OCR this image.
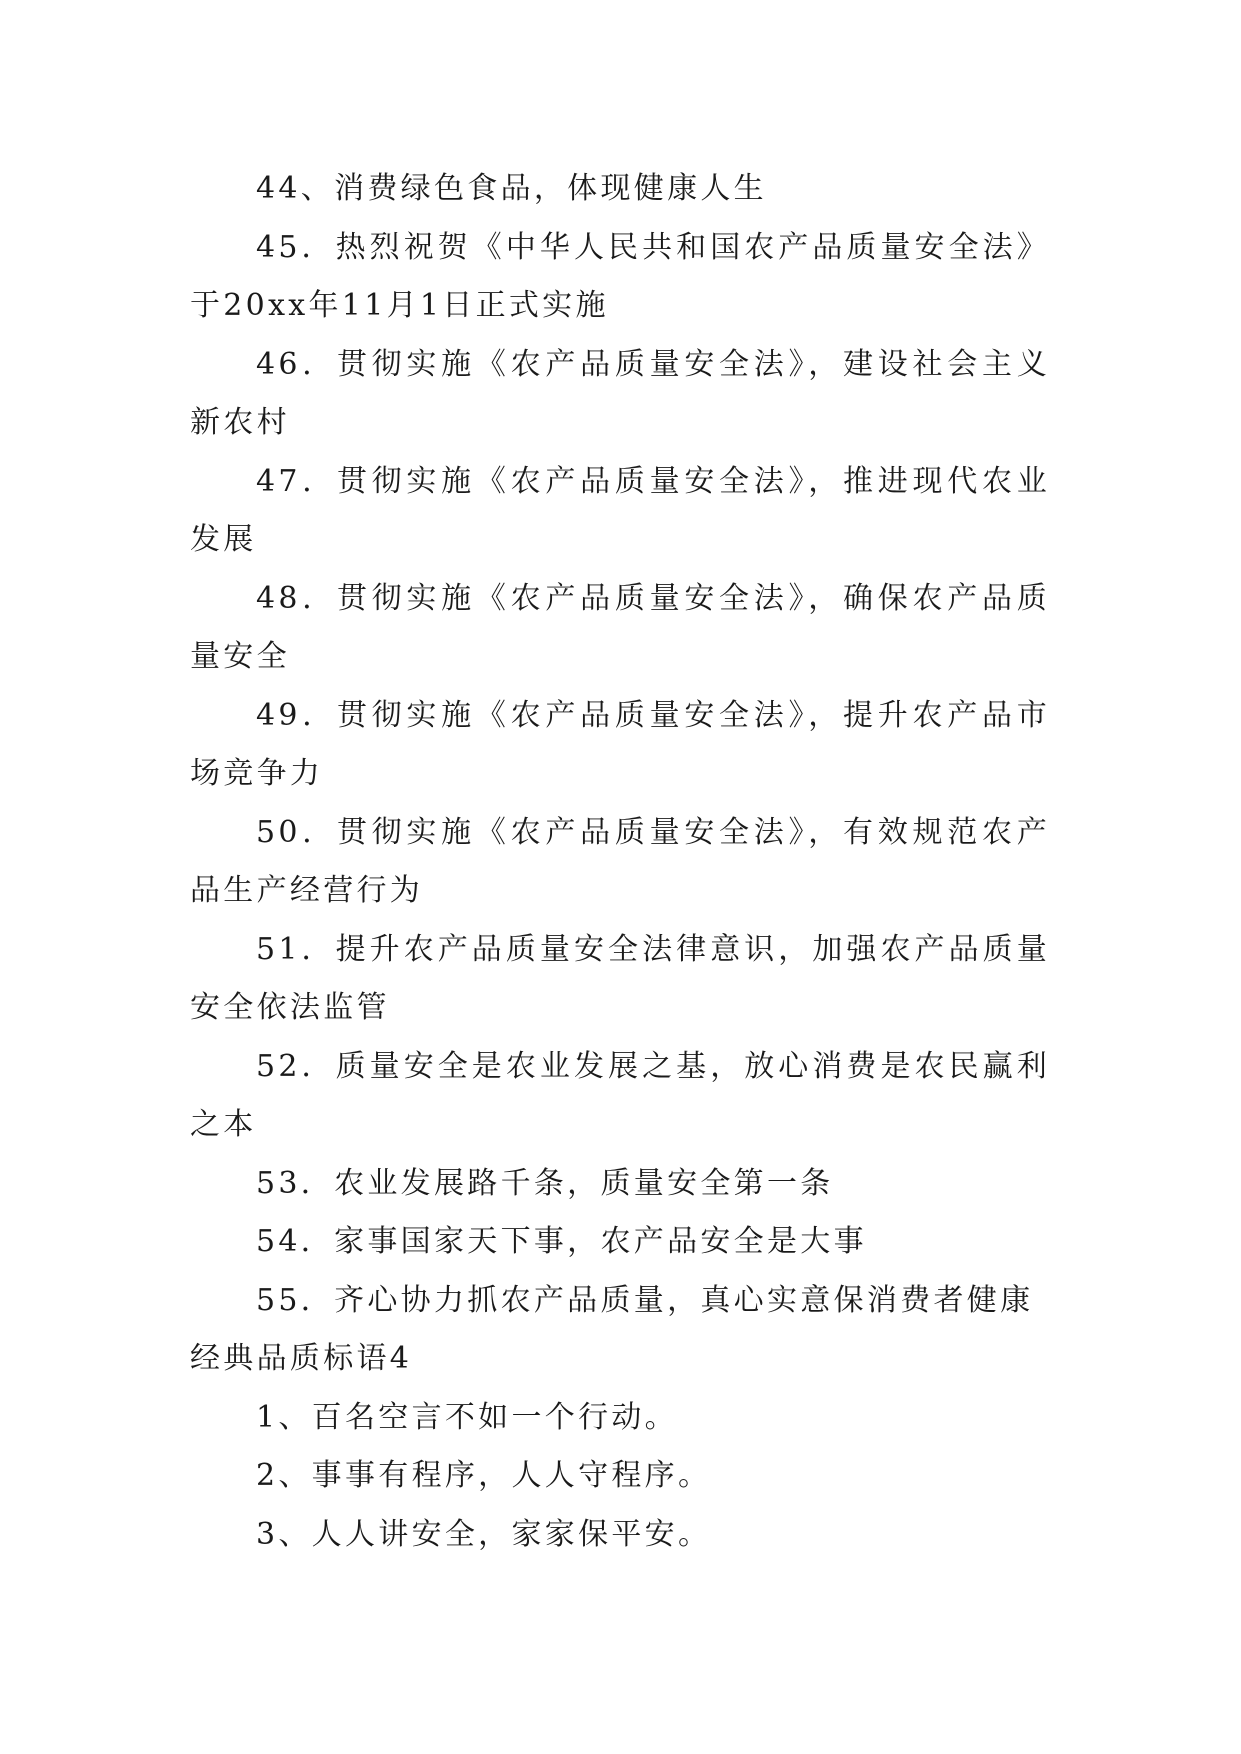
44、消费绿色食品，体现健康人生

45．热烈祝贺《中华人民共和国农产品质量安全法》于20xx年11月1日正式实施

46．贯彻实施《农产品质量安全法》，建设社会主义新农村

47．贯彻实施《农产品质量安全法》，推进现代农业发展

48．贯彻实施《农产品质量安全法》，确保农产品质量安全

49．贯彻实施《农产品质量安全法》，提升农产品市场竞争力

50．贯彻实施《农产品质量安全法》，有效规范农产品生产经营行为

51．提升农产品质量安全法律意识，加强农产品质量安全依法监管

52．质量安全是农业发展之基，放心消费是农民赢利之本

53．农业发展路千条，质量安全第一条

54．家事国家天下事，农产品安全是大事

55．齐心协力抓农产品质量，真心实意保消费者健康

经典品质标语4

1、百名空言不如一个行动。

2、事事有程序，人人守程序。

3、人人讲安全，家家保平安。
